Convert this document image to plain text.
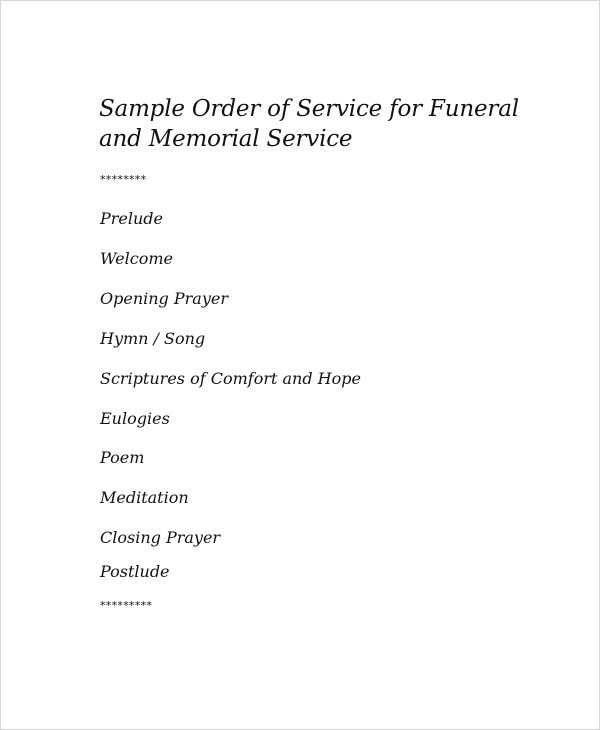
Sample Order of Service for Funeral and Memorial Service
********
Prelude
Welcome
Opening Prayer
Hymn / Song
Scriptures of Comfort and Hope
Eulogies
Poem
Meditation
Closing Prayer
Postlude
*********
